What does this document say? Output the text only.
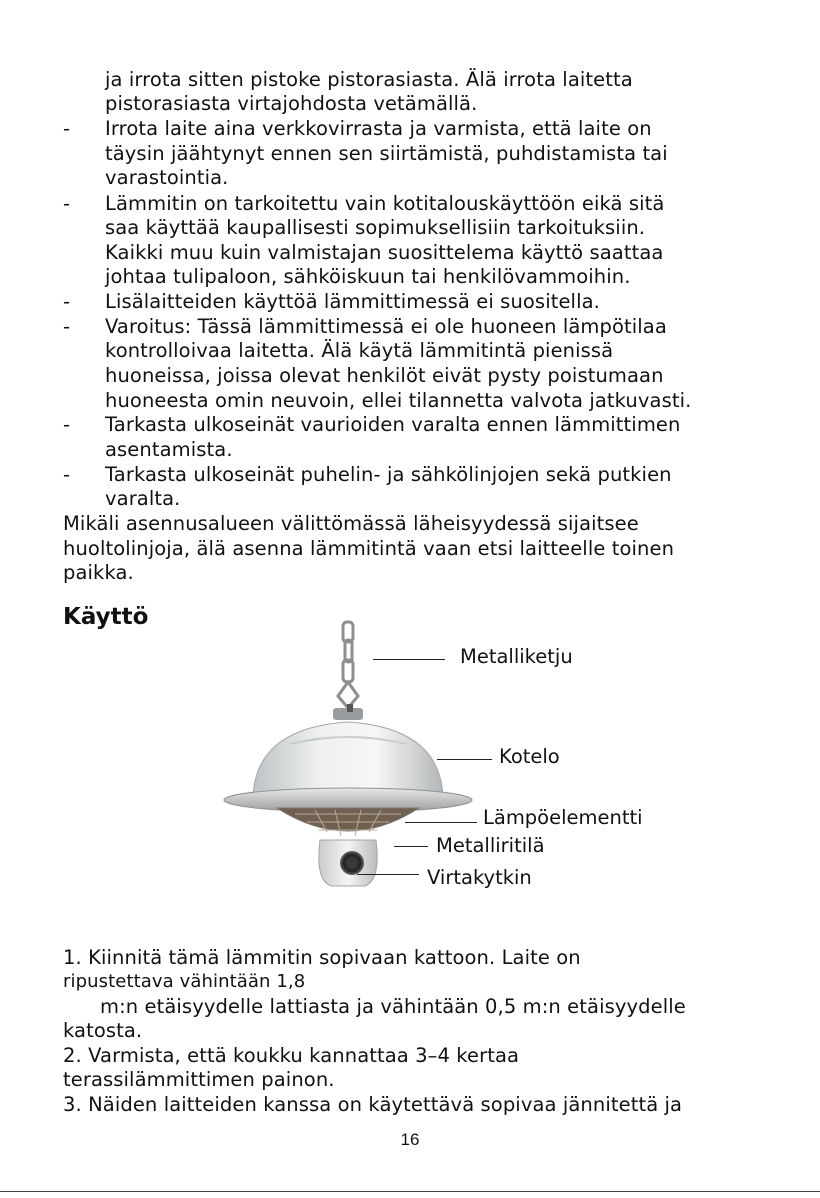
ja irrota sitten pistoke pistorasiasta. Älä irrota laitetta
pistorasiasta virtajohdosta vetämällä.
- Irrota laite aina verkkovirrasta ja varmista, että laite on
täysin jäähtynyt ennen sen siirtämistä, puhdistamista tai
varastointia.
- Lämmitin on tarkoitettu vain kotitalouskäyttöön eikä sitä
saa käyttää kaupallisesti sopimuksellisiin tarkoituksiin.
Kaikki muu kuin valmistajan suosittelema käyttö saattaa
johtaa tulipaloon, sähköiskuun tai henkilövammoihin.
- Lisälaitteiden käyttöä lämmittimessä ei suositella.
- Varoitus: Tässä lämmittimessä ei ole huoneen lämpötilaa
kontrolloivaa laitetta. Älä käytä lämmitintä pienissä
huoneissa, joissa olevat henkilöt eivät pysty poistumaan
huoneesta omin neuvoin, ellei tilannetta valvota jatkuvasti.
- Tarkasta ulkoseinät vaurioiden varalta ennen lämmittimen
asentamista.
- Tarkasta ulkoseinät puhelin- ja sähkölinjojen sekä putkien
varalta.
Mikäli asennusalueen välittömässä läheisyydessä sijaitsee
huoltolinjoja, älä asenna lämmitintä vaan etsi laitteelle toinen
paikka.
Käyttö
Metalliketju
Kotelo
Lämpöelementti
Metalliritilä
Virtakytkin
1. Kiinnitä tämä lämmitin sopivaan kattoon. Laite on
ripustettava vähintään 1,8
m:n etäisyydelle lattiasta ja vähintään 0,5 m:n etäisyydelle
katosta.
2. Varmista, että koukku kannattaa 3–4 kertaa
terassilämmittimen painon.
3. Näiden laitteiden kanssa on käytettävä sopivaa jännitettä ja
16
